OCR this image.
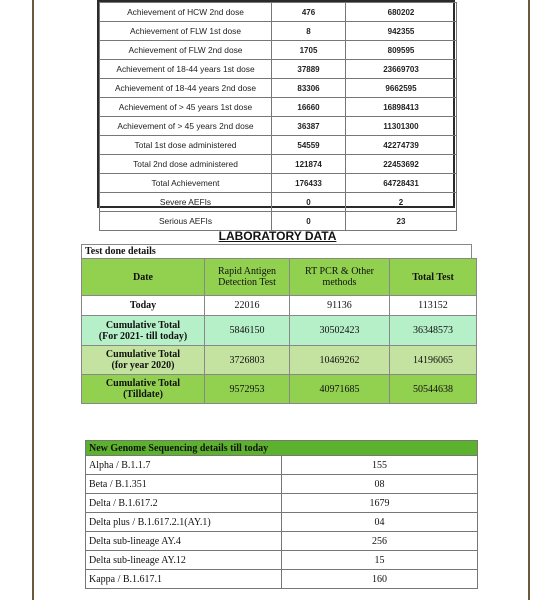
Achievement of HCW 2nd dose	476	680202
Achievement of FLW 1st dose	8	942355
Achievement of FLW 2nd dose	1705	809595
Achievement of 18-44 years 1st dose	37889	23669703
Achievement of 18-44 years 2nd dose	83306	9662595
Achievement of > 45 years 1st dose	16660	16898413
Achievement of > 45 years 2nd dose	36387	11301300
Total 1st dose administered	54559	42274739
Total 2nd dose administered	121874	22453692
Total Achievement	176433	64728431
Severe AEFIs	0	2
Serious AEFIs	0	23
LABORATORY DATA
Test done details
Date	Rapid Antigen Detection Test	RT PCR & Other methods	Total Test
Today	22016	91136	113152
Cumulative Total
(For 2021- till today)	5846150	30502423	36348573
Cumulative Total
(for year 2020)	3726803	10469262	14196065
Cumulative Total
(Tilldate)	9572953	40971685	50544638
New Genome Sequencing details till today	
Alpha / B.1.1.7	155
Beta / B.1.351	08
Delta / B.1.617.2	1679
Delta plus / B.1.617.2.1(AY.1)	04
Delta sub-lineage AY.4	256
Delta sub-lineage AY.12	15
Kappa / B.1.617.1	160
